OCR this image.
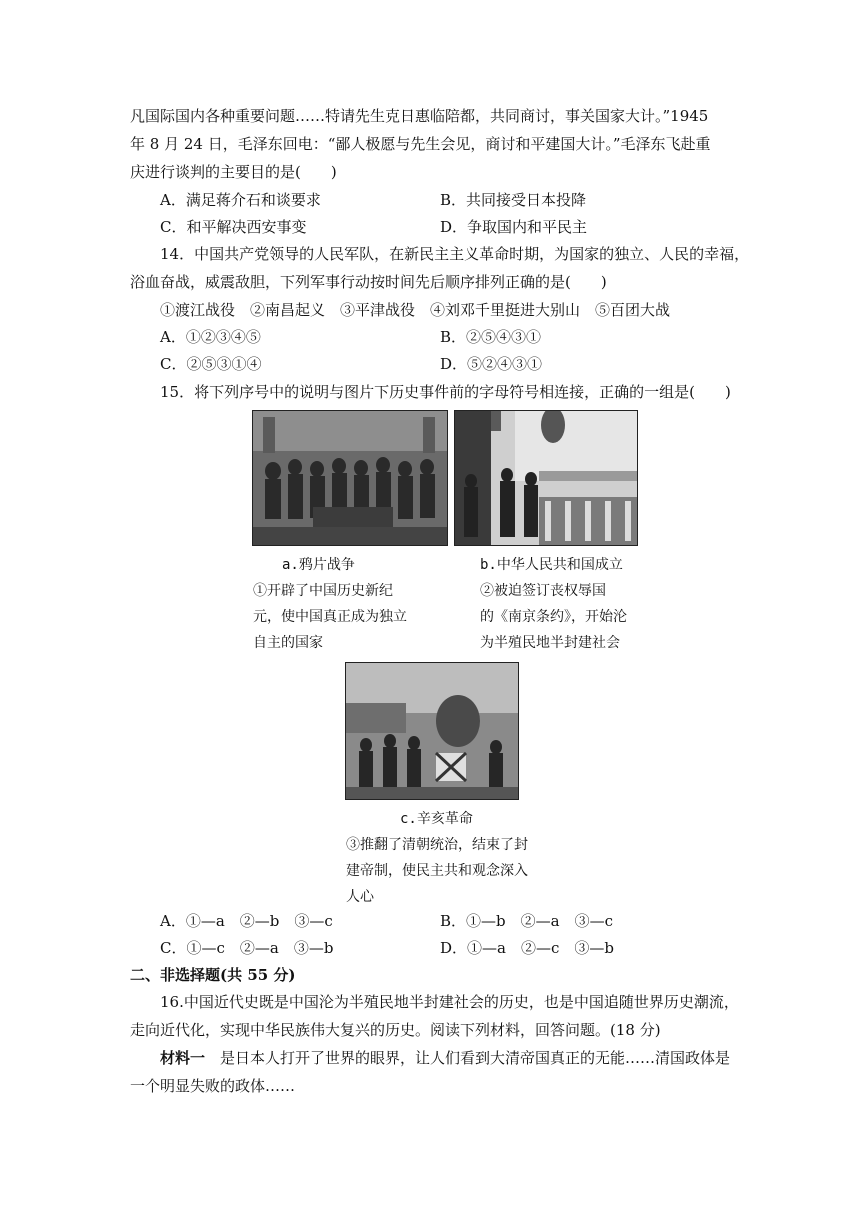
凡国际国内各种重要问题……特请先生克日惠临陪都，共同商讨，事关国家大计。”1945
年 8 月 24 日，毛泽东回电：“鄙人极愿与先生会见，商讨和平建国大计。”毛泽东飞赴重
庆进行谈判的主要目的是(　　)
A．满足蒋介石和谈要求	B．共同接受日本投降
C．和平解决西安事变	D．争取国内和平民主
14．中国共产党领导的人民军队，在新民主主义革命时期，为国家的独立、人民的幸福，
浴血奋战，威震敌胆，下列军事行动按时间先后顺序排列正确的是(　　)
①渡江战役　②南昌起义　③平津战役　④刘邓千里挺进大别山　⑤百团大战
A．①②③④⑤	B．②⑤④③①
C．②⑤③①④	D．⑤②④③①
15．将下列序号中的说明与图片下历史事件前的字母符号相连接，正确的一组是(　　)
a.鸦片战争	b.中华人民共和国成立
①开辟了中国历史新纪
元，使中国真正成为独立
自主的国家
②被迫签订丧权辱国
的《南京条约》，开始沦
为半殖民地半封建社会
c.辛亥革命
③推翻了清朝统治，结束了封
建帝制，使民主共和观念深入
人心
A．①—a　②—b　③—c	B．①—b　②—a　③—c
C．①—c　②—a　③—b	D．①—a　②—c　③—b
二、非选择题(共 55 分)
16.中国近代史既是中国沦为半殖民地半封建社会的历史，也是中国追随世界历史潮流，
走向近代化，实现中华民族伟大复兴的历史。阅读下列材料，回答问题。(18 分)
材料一　是日本人打开了世界的眼界，让人们看到大清帝国真正的无能……清国政体是
一个明显失败的政体……
